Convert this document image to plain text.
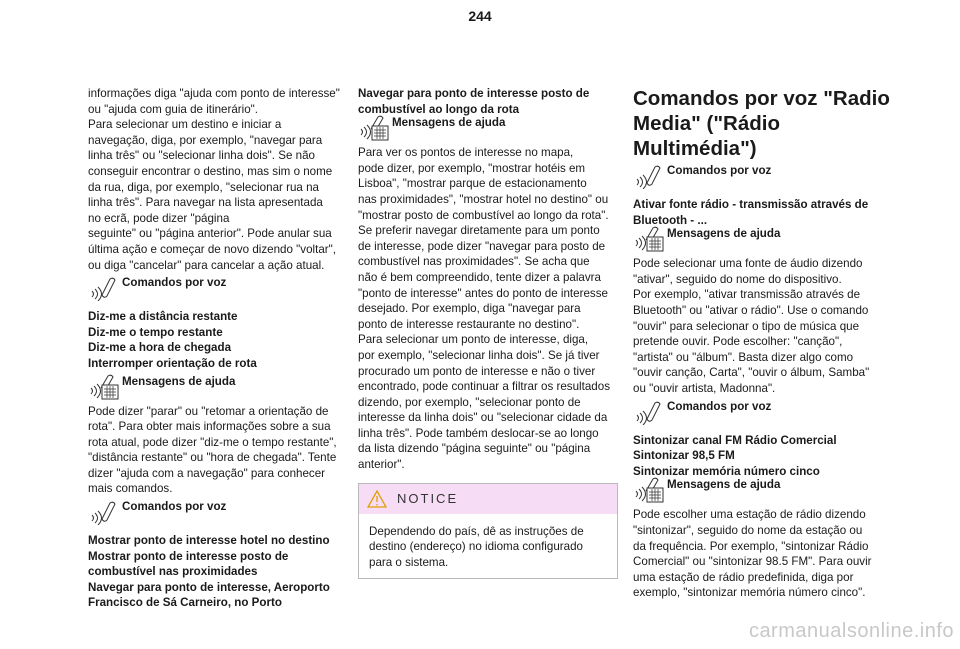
244

informações diga "ajuda com ponto de interesse"
ou "ajuda com guia de itinerário".
Para selecionar um destino e iniciar a
navegação, diga, por exemplo, "navegar para
linha três" ou "selecionar linha dois". Se não
conseguir encontrar o destino, mas sim o nome
da rua, diga, por exemplo, "selecionar rua na
linha três". Para navegar na lista apresentada
no ecrã, pode dizer "página
seguinte" ou "página anterior". Pode anular sua
última ação e começar de novo dizendo "voltar",
ou diga "cancelar" para cancelar a ação atual.

Comandos por voz
Diz-me a distância restante
Diz-me o tempo restante
Diz-me a hora de chegada
Interromper orientação de rota
Mensagens de ajuda

Pode dizer "parar" ou "retomar a orientação de
rota". Para obter mais informações sobre a sua
rota atual, pode dizer "diz-me o tempo restante",
"distância restante" ou "hora de chegada". Tente
dizer "ajuda com a navegação" para conhecer
mais comandos.

Comandos por voz
Mostrar ponto de interesse hotel no destino
Mostrar ponto de interesse posto de
combustível nas proximidades
Navegar para ponto de interesse, Aeroporto
Francisco de Sá Carneiro, no Porto
Navegar para ponto de interesse posto de
combustível ao longo da rota
Mensagens de ajuda

Para ver os pontos de interesse no mapa,
pode dizer, por exemplo, "mostrar hotéis em
Lisboa", "mostrar parque de estacionamento
nas proximidades", "mostrar hotel no destino" ou
"mostrar posto de combustível ao longo da rota".
Se preferir navegar diretamente para um ponto
de interesse, pode dizer "navegar para posto de
combustível nas proximidades". Se acha que
não é bem compreendido, tente dizer a palavra
"ponto de interesse" antes do ponto de interesse
desejado. Por exemplo, diga "navegar para
ponto de interesse restaurante no destino".
Para selecionar um ponto de interesse, diga,
por exemplo, "selecionar linha dois". Se já tiver
procurado um ponto de interesse e não o tiver
encontrado, pode continuar a filtrar os resultados
dizendo, por exemplo, "selecionar ponto de
interesse da linha dois" ou "selecionar cidade da
linha três". Pode também deslocar-se ao longo
da lista dizendo "página seguinte" ou "página
anterior".

NOTICE
Dependendo do país, dê as instruções de
destino (endereço) no idioma configurado
para o sistema.
Comandos por voz "Radio
Media" ("Rádio Multimédia")
Comandos por voz
Ativar fonte rádio - transmissão através de
Bluetooth - ...
Mensagens de ajuda

Pode selecionar uma fonte de áudio dizendo
"ativar", seguido do nome do dispositivo.
Por exemplo, "ativar transmissão através de
Bluetooth" ou "ativar o rádio". Use o comando
"ouvir" para selecionar o tipo de música que
pretende ouvir. Pode escolher: "canção",
"artista" ou "álbum". Basta dizer algo como
"ouvir canção, Carta", "ouvir o álbum, Samba"
ou "ouvir artista, Madonna".

Comandos por voz
Sintonizar canal FM Rádio Comercial
Sintonizar 98,5 FM
Sintonizar memória número cinco
Mensagens de ajuda

Pode escolher uma estação de rádio dizendo
"sintonizar", seguido do nome da estação ou
da frequência. Por exemplo, "sintonizar Rádio
Comercial" ou "sintonizar 98.5 FM". Para ouvir
uma estação de rádio predefinida, diga por
exemplo, "sintonizar memória número cinco".

carmanualsonline.info
